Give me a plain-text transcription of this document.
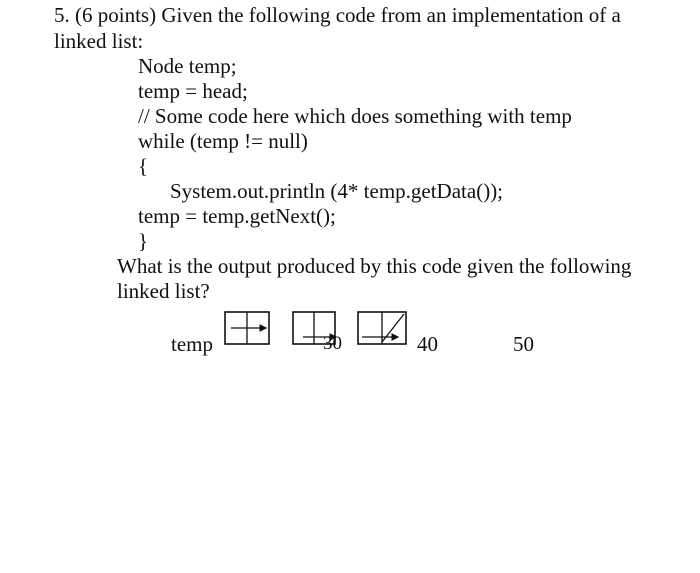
5. (6 points) Given the following code from an implementation of a
linked list:
Node temp;
temp = head;
// Some code here which does something with temp
while (temp != null)
{
System.out.println (4* temp.getData());
temp = temp.getNext();
}
What is the output produced by this code given the following
linked list?
temp	30	40	50
